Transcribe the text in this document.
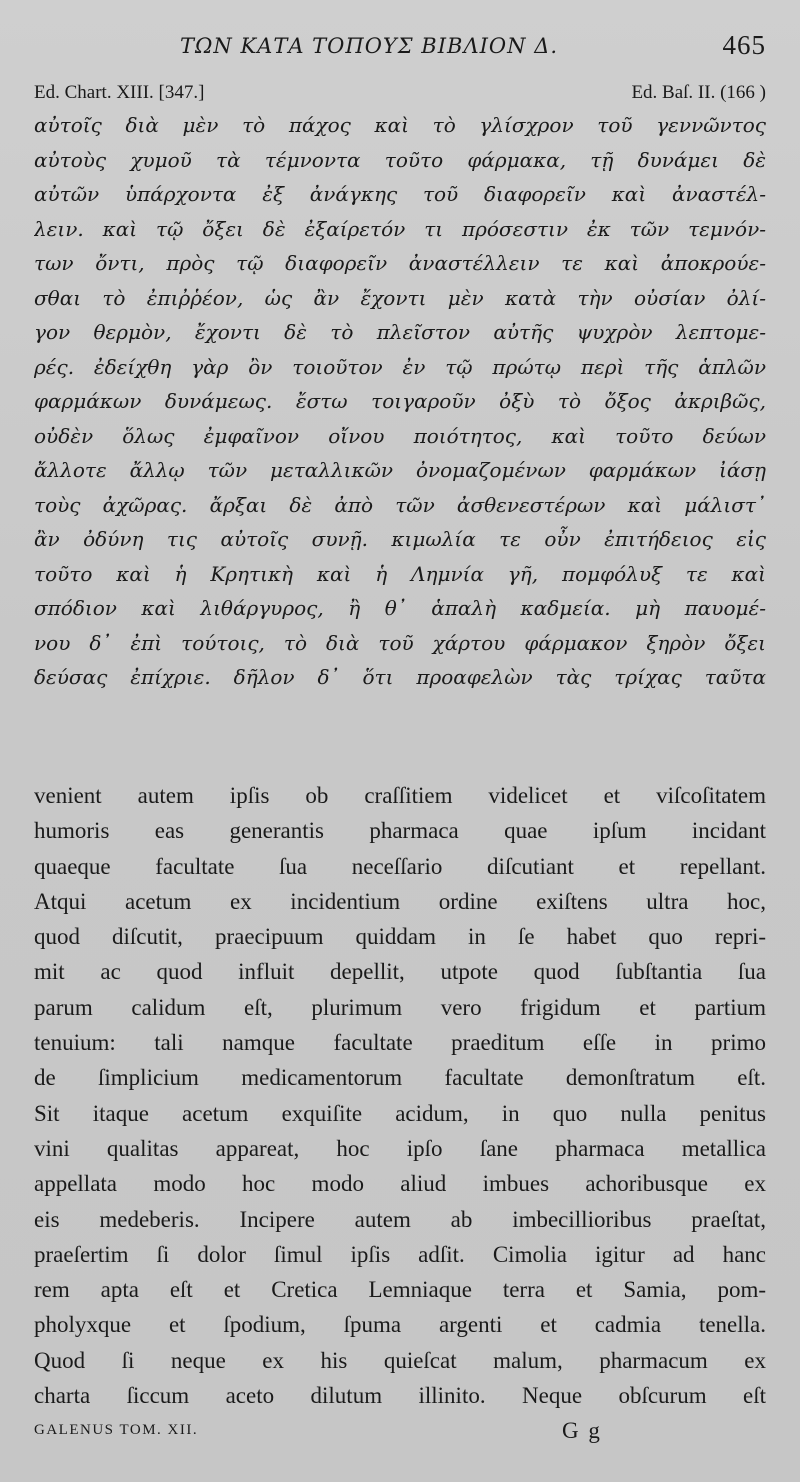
ΤΩΝ ΚΑΤΑ ΤΟΠΟΥΣ ΒΙΒΛΙΟΝ Δ.	465
Ed. Chart. XIII. [347.]	Ed. Baſ. II. (166 )
αὐτοῖς διὰ μὲν τὸ πάχος καὶ τὸ γλίσχρον τοῦ γεννῶντος
αὐτοὺς χυμοῦ τὰ τέμνοντα τοῦτο φάρμακα, τῇ δυνάμει δὲ
αὐτῶν ὑπάρχοντα ἐξ ἀνάγκης τοῦ διαφορεῖν καὶ ἀναστέλ-
λειν. καὶ τῷ ὄξει δὲ ἐξαίρετόν τι πρόσεστιν ἐκ τῶν τεμνόν-
των ὄντι, πρὸς τῷ διαφορεῖν ἀναστέλλειν τε καὶ ἀποκρούε-
σθαι τὸ ἐπιῤῥέον, ὡς ἂν ἔχοντι μὲν κατὰ τὴν οὐσίαν ὀλί-
γον θερμὸν, ἔχοντι δὲ τὸ πλεῖστον αὐτῆς ψυχρὸν λεπτομε-
ρές. ἐδείχθη γὰρ ὂν τοιοῦτον ἐν τῷ πρώτῳ περὶ τῆς ἁπλῶν
φαρμάκων δυνάμεως. ἔστω τοιγαροῦν ὀξὺ τὸ ὄξος ἀκριβῶς,
οὐδὲν ὅλως ἐμφαῖνον οἴνου ποιότητος, καὶ τοῦτο δεύων
ἄλλοτε ἄλλῳ τῶν μεταλλικῶν ὀνομαζομένων φαρμάκων ἰάσῃ
τοὺς ἀχῶρας. ἄρξαι δὲ ἀπὸ τῶν ἀσθενεστέρων καὶ μάλιστ᾽
ἂν ὀδύνη τις αὐτοῖς συνῇ. κιμωλία τε οὖν ἐπιτήδειος εἰς
τοῦτο καὶ ἡ Κρητικὴ καὶ ἡ Λημνία γῆ, πομφόλυξ τε καὶ
σπόδιον καὶ λιθάργυρος, ἢ θ᾽ ἁπαλὴ καδμεία. μὴ παυομέ-
νου δ᾽ ἐπὶ τούτοις, τὸ διὰ τοῦ χάρτου φάρμακον ξηρὸν ὄξει
δεύσας ἐπίχριε. δῆλον δ᾽ ὅτι προαφελὼν τὰς τρίχας ταῦτα
venient autem ipſis ob craſſitiem videlicet et viſcoſitatem
humoris eas generantis pharmaca quae ipſum incidant
quaeque facultate ſua neceſſario diſcutiant et repellant.
Atqui acetum ex incidentium ordine exiſtens ultra hoc,
quod diſcutit, praecipuum quiddam in ſe habet quo repri-
mit ac quod influit depellit, utpote quod ſubſtantia ſua
parum calidum eſt, plurimum vero frigidum et partium
tenuium: tali namque facultate praeditum eſſe in primo
de ſimplicium medicamentorum facultate demonſtratum eſt.
Sit itaque acetum exquiſite acidum, in quo nulla penitus
vini qualitas appareat, hoc ipſo ſane pharmaca metallica
appellata modo hoc modo aliud imbues achoribusque ex
eis medeberis. Incipere autem ab imbecillioribus praeſtat,
praeſertim ſi dolor ſimul ipſis adſit. Cimolia igitur ad hanc
rem apta eſt et Cretica Lemniaque terra et Samia, pom-
pholyxque et ſpodium, ſpuma argenti et cadmia tenella.
Quod ſi neque ex his quieſcat malum, pharmacum ex
charta ſiccum aceto dilutum illinito. Neque obſcurum eſt
GALENUS TOM. XII.	G g
